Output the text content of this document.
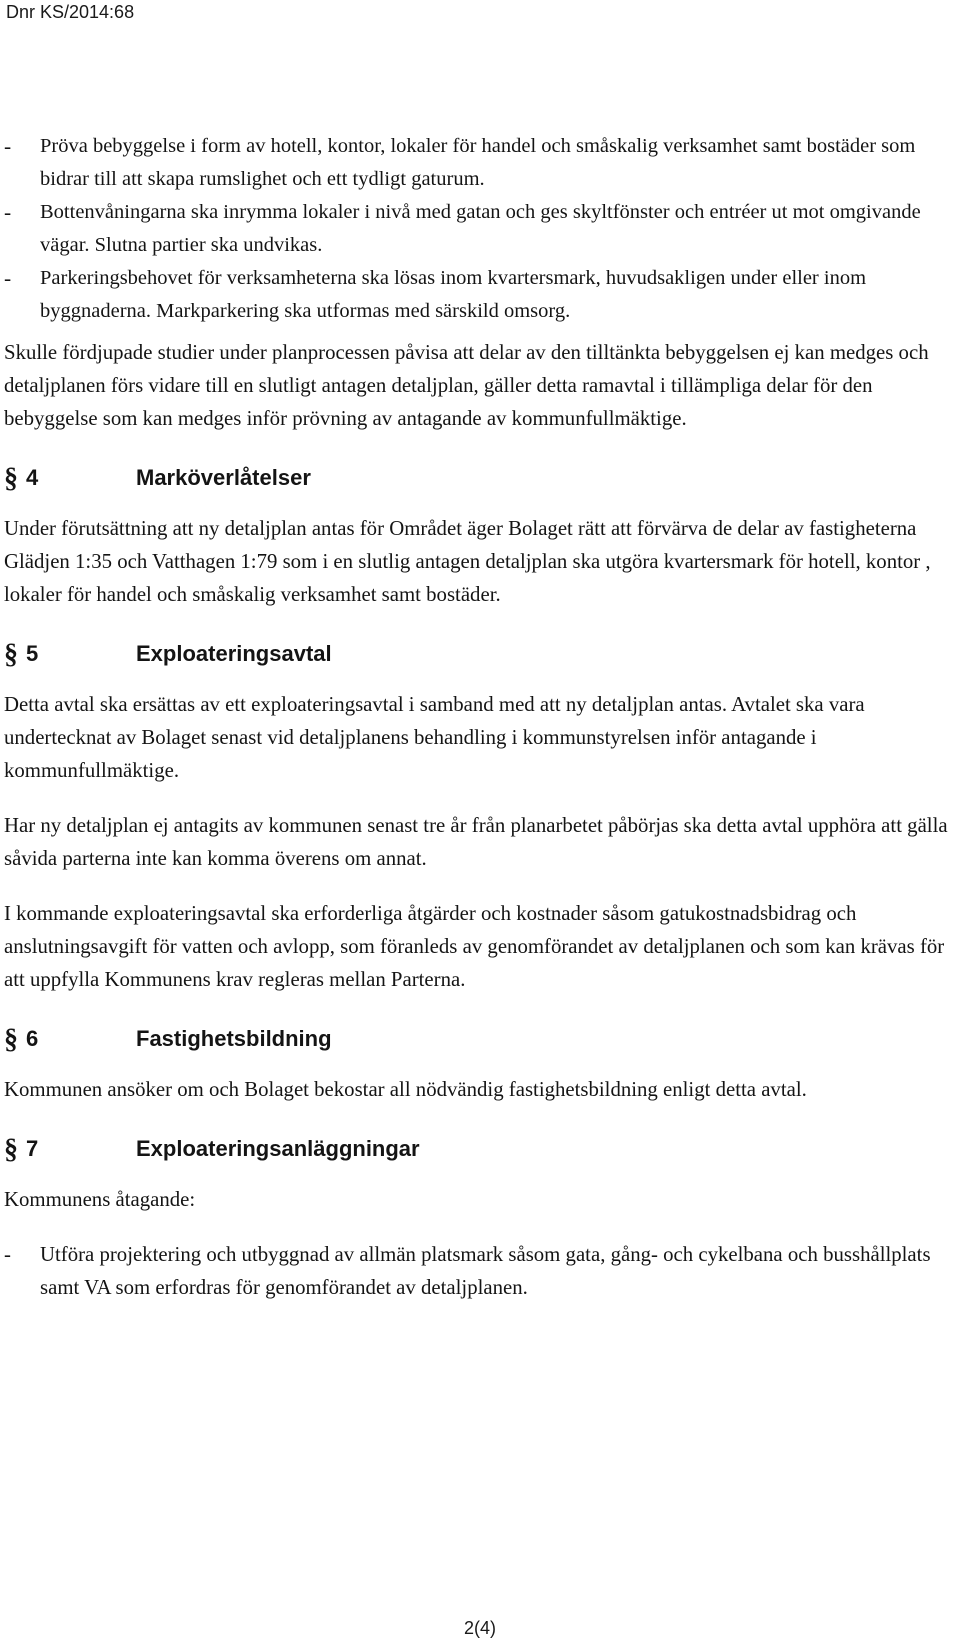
Dnr KS/2014:68
-	Pröva bebyggelse i form av hotell, kontor, lokaler för handel och småskalig verksamhet samt bostäder som bidrar till att skapa rumslighet och ett tydligt gaturum.
-	Bottenvåningarna ska inrymma lokaler i nivå med gatan och ges skyltfönster och entréer ut mot omgivande vägar. Slutna partier ska undvikas.
-	Parkeringsbehovet för verksamheterna ska lösas inom kvartersmark, huvudsakligen under eller inom byggnaderna. Markparkering ska utformas med särskild omsorg.

Skulle fördjupade studier under planprocessen påvisa att delar av den tilltänkta bebyggelsen ej kan medges och detaljplanen förs vidare till en slutligt antagen detaljplan, gäller detta ramavtal i tillämpliga delar för den bebyggelse som kan medges inför prövning av antagande av kommunfullmäktige.

§ 4	Marköverlåtelser

Under förutsättning att ny detaljplan antas för Området äger Bolaget rätt att förvärva de delar av fastigheterna Glädjen 1:35 och Vatthagen 1:79 som i en slutlig antagen detaljplan ska utgöra kvartersmark för hotell, kontor , lokaler för handel och småskalig verksamhet samt bostäder.

§ 5	Exploateringsavtal

Detta avtal ska ersättas av ett exploateringsavtal i samband med att ny detaljplan antas. Avtalet ska vara undertecknat av Bolaget senast vid detaljplanens behandling i kommunstyrelsen inför antagande i kommunfullmäktige.

Har ny detaljplan ej antagits av kommunen senast tre år från planarbetet påbörjas ska detta avtal upphöra att gälla såvida parterna inte kan komma överens om annat.

I kommande exploateringsavtal ska erforderliga åtgärder och kostnader såsom gatukostnadsbidrag och anslutningsavgift för vatten och avlopp, som föranleds av genomförandet av detaljplanen och som kan krävas för att uppfylla Kommunens krav regleras mellan Parterna.

§ 6	Fastighetsbildning

Kommunen ansöker om och Bolaget bekostar all nödvändig fastighetsbildning enligt detta avtal.

§ 7	Exploateringsanläggningar

Kommunens åtagande:

-	Utföra projektering och utbyggnad av allmän platsmark såsom gata, gång- och cykelbana och busshållplats samt VA som erfordras för genomförandet av detaljplanen.
2(4)
